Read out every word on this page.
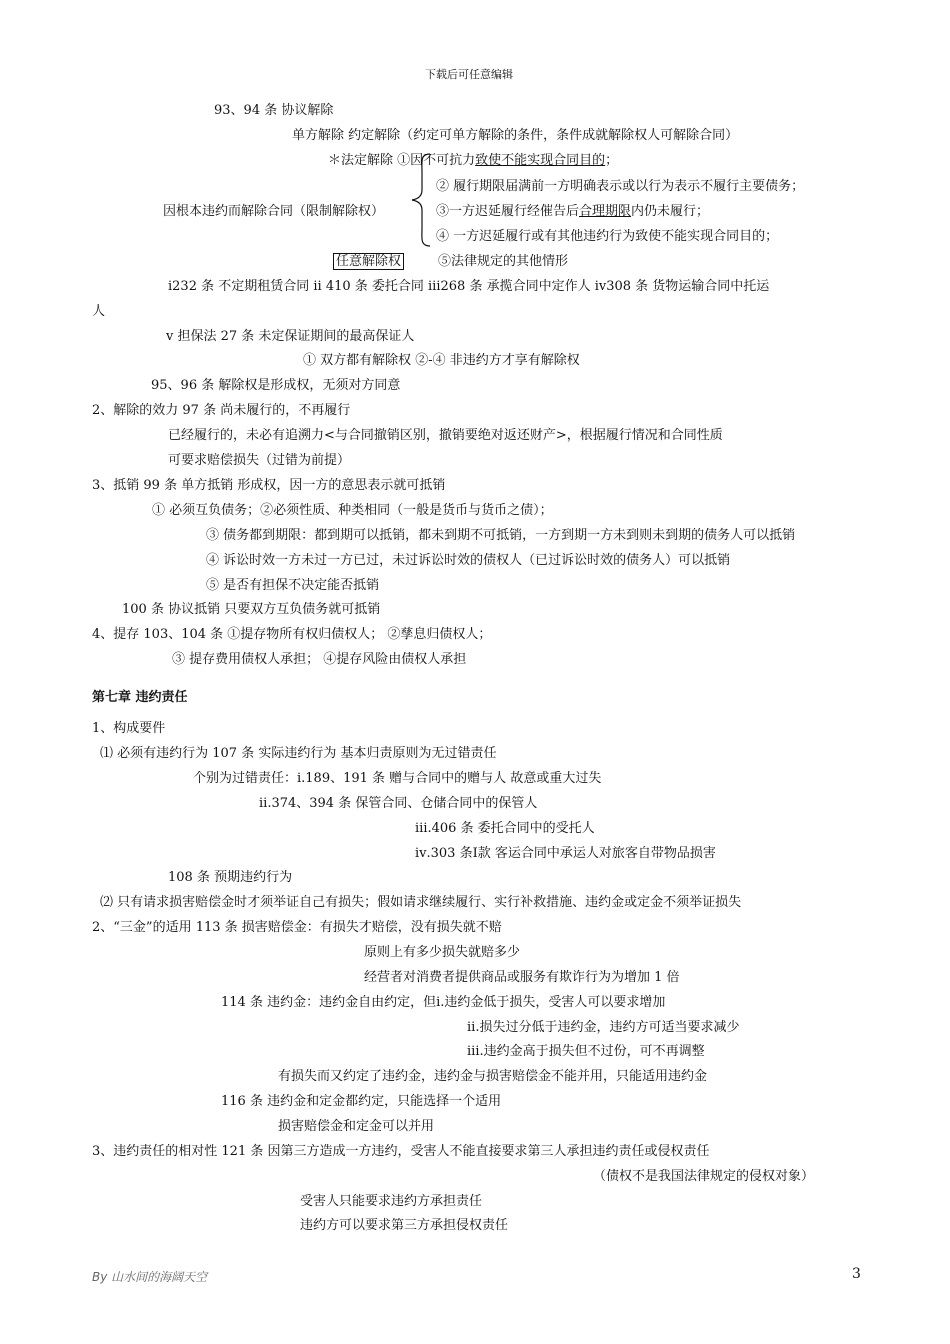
下载后可任意编辑
93、94 条 协议解除
单方解除 约定解除（约定可单方解除的条件，条件成就解除权人可解除合同）
＊法定解除 ①因不可抗力致使不能实现合同目的；
② 履行期限届满前一方明确表示或以行为表示不履行主要债务；
因根本违约而解除合同（限制解除权）	③一方迟延履行经催告后合理期限内仍未履行；
④ 一方迟延履行或有其他违约行为致使不能实现合同目的；
任意解除权	⑤法律规定的其他情形
ⅰ232 条 不定期租赁合同 ⅱ 410 条 委托合同 ⅲ268 条 承揽合同中定作人 ⅳ308 条 货物运输合同中托运
人
ⅴ 担保法 27 条 未定保证期间的最高保证人
① 双方都有解除权 ②-④ 非违约方才享有解除权
95、96 条 解除权是形成权，无须对方同意
2、解除的效力 97 条 尚未履行的，不再履行
已经履行的，未必有追溯力<与合同撤销区别，撤销要绝对返还财产>，根据履行情况和合同性质
可要求赔偿损失（过错为前提）
3、抵销 99 条 单方抵销 形成权，因一方的意思表示就可抵销
① 必须互负债务；②必须性质、种类相同（一般是货币与货币之债）；
③ 债务都到期限：都到期可以抵销，都未到期不可抵销，一方到期一方未到则未到期的债务人可以抵销
④ 诉讼时效一方未过一方已过，未过诉讼时效的债权人（已过诉讼时效的债务人）可以抵销
⑤ 是否有担保不决定能否抵销
100 条 协议抵销 只要双方互负债务就可抵销
4、提存 103、104 条 ①提存物所有权归债权人； ②孳息归债权人；
③ 提存费用债权人承担； ④提存风险由债权人承担
第七章 违约责任
1、构成要件
⑴ 必须有违约行为 107 条 实际违约行为 基本归责原则为无过错责任
个别为过错责任：ⅰ.189、191 条 赠与合同中的赠与人 故意或重大过失
ⅱ.374、394 条 保管合同、仓储合同中的保管人
ⅲ.406 条 委托合同中的受托人
ⅳ.303 条Ⅰ款 客运合同中承运人对旅客自带物品损害
108 条 预期违约行为
⑵ 只有请求损害赔偿金时才须举证自己有损失；假如请求继续履行、实行补救措施、违约金或定金不须举证损失
2、“三金”的适用 113 条 损害赔偿金：有损失才赔偿，没有损失就不赔
原则上有多少损失就赔多少
经营者对消费者提供商品或服务有欺诈行为为增加 1 倍
114 条 违约金：违约金自由约定，但ⅰ.违约金低于损失，受害人可以要求增加
ⅱ.损失过分低于违约金，违约方可适当要求减少
ⅲ.违约金高于损失但不过份，可不再调整
有损失而又约定了违约金，违约金与损害赔偿金不能并用，只能适用违约金
116 条 违约金和定金都约定，只能选择一个适用
损害赔偿金和定金可以并用
3、违约责任的相对性 121 条 因第三方造成一方违约，受害人不能直接要求第三人承担违约责任或侵权责任
（债权不是我国法律规定的侵权对象）
受害人只能要求违约方承担责任
违约方可以要求第三方承担侵权责任
By 山水间的海阔天空	3
